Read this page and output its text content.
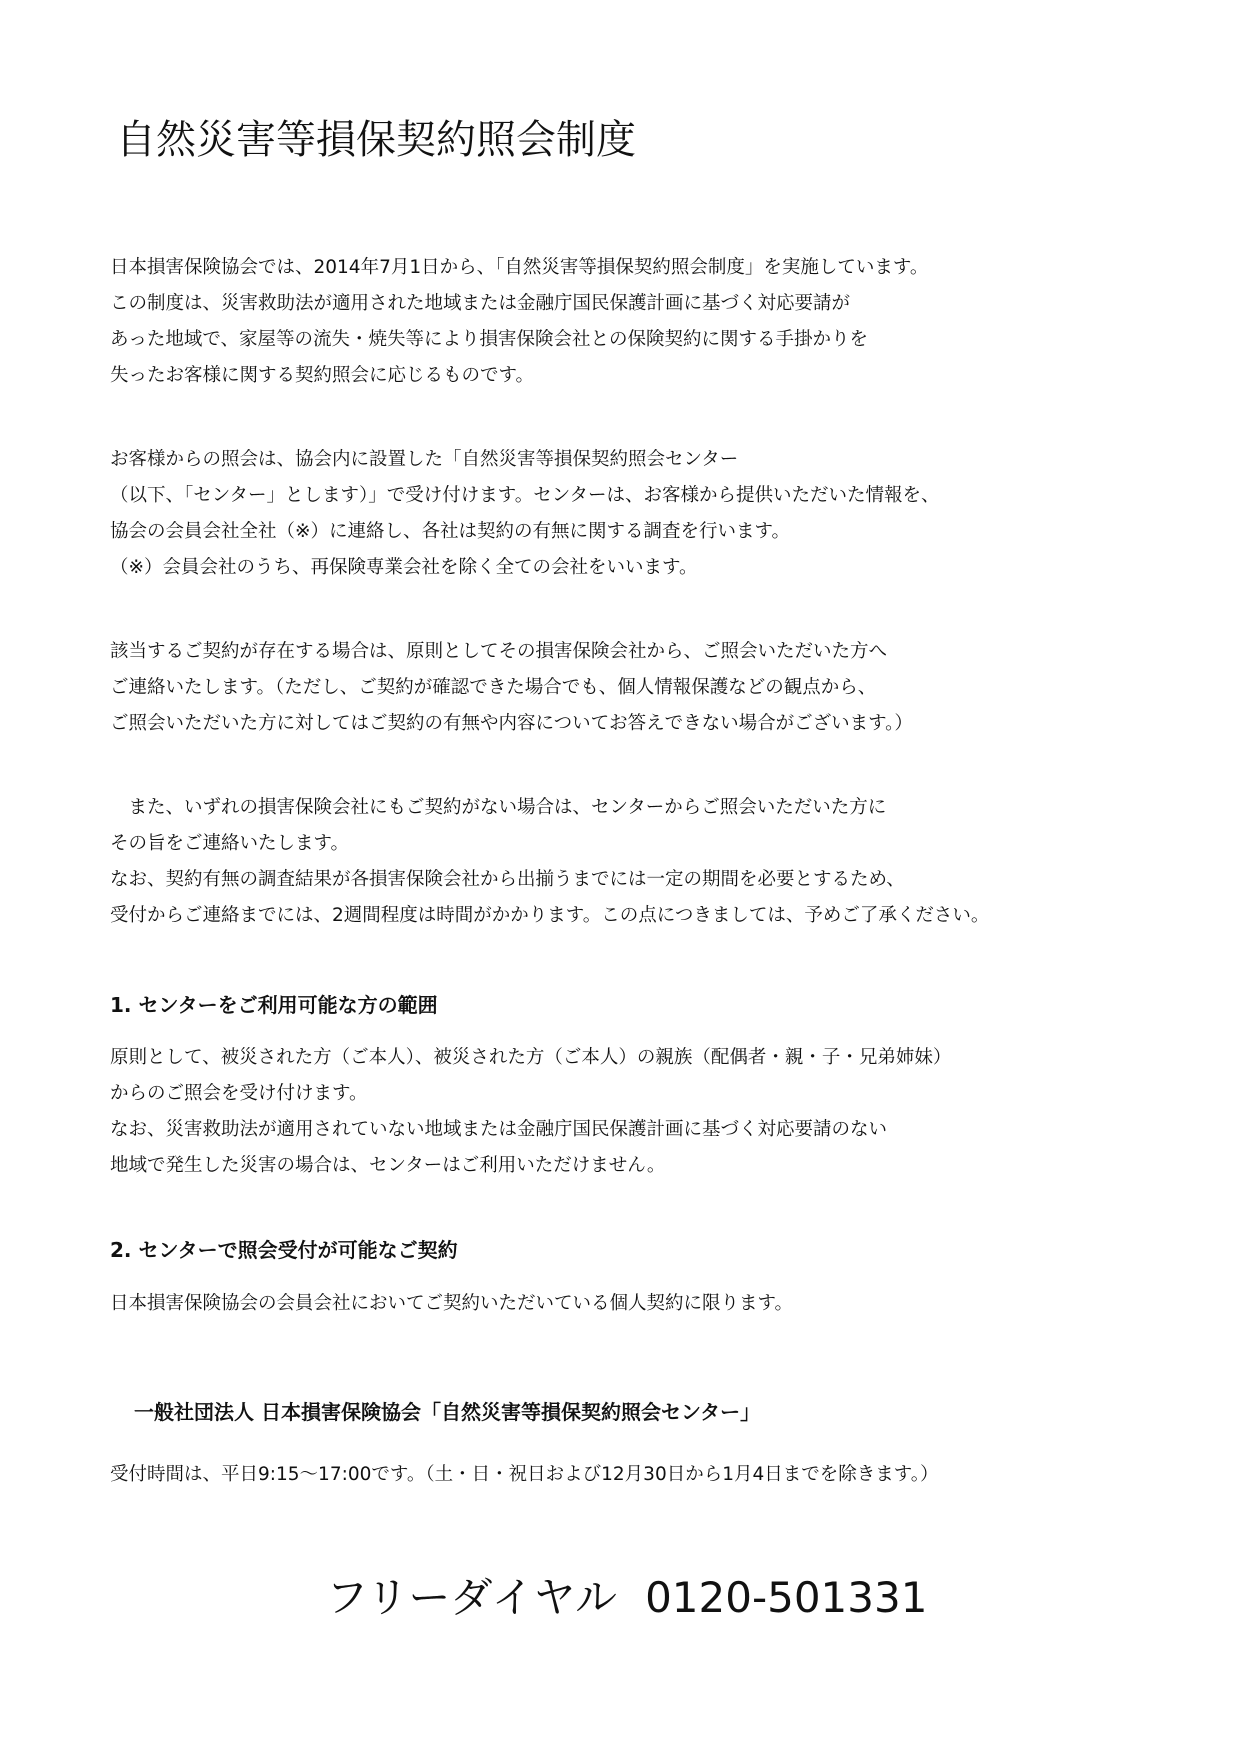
自然災害等損保契約照会制度

日本損害保険協会では、2014年7月1日から、「自然災害等損保契約照会制度」を実施しています。
この制度は、災害救助法が適用された地域または金融庁国民保護計画に基づく対応要請が
あった地域で、家屋等の流失・焼失等により損害保険会社との保険契約に関する手掛かりを
失ったお客様に関する契約照会に応じるものです。

お客様からの照会は、協会内に設置した「自然災害等損保契約照会センター
（以下、「センター」とします）」で受け付けます。センターは、お客様から提供いただいた情報を、
協会の会員会社全社（※）に連絡し、各社は契約の有無に関する調査を行います。
（※）会員会社のうち、再保険専業会社を除く全ての会社をいいます。

該当するご契約が存在する場合は、原則としてその損害保険会社から、ご照会いただいた方へ
ご連絡いたします。（ただし、ご契約が確認できた場合でも、個人情報保護などの観点から、
ご照会いただいた方に対してはご契約の有無や内容についてお答えできない場合がございます。）

　また、いずれの損害保険会社にもご契約がない場合は、センターからご照会いただいた方に
その旨をご連絡いたします。
なお、契約有無の調査結果が各損害保険会社から出揃うまでには一定の期間を必要とするため、
受付からご連絡までには、2週間程度は時間がかかります。この点につきましては、予めご了承ください。

1. センターをご利用可能な方の範囲

原則として、被災された方（ご本人）、被災された方（ご本人）の親族（配偶者・親・子・兄弟姉妹）
からのご照会を受け付けます。
なお、災害救助法が適用されていない地域または金融庁国民保護計画に基づく対応要請のない
地域で発生した災害の場合は、センターはご利用いただけません。

2. センターで照会受付が可能なご契約

日本損害保険協会の会員会社においてご契約いただいている個人契約に限ります。

一般社団法人 日本損害保険協会「自然災害等損保契約照会センター」

受付時間は、平日9:15～17:00です。（土・日・祝日および12月30日から1月4日までを除きます。）

フリーダイヤル 0120-501331
